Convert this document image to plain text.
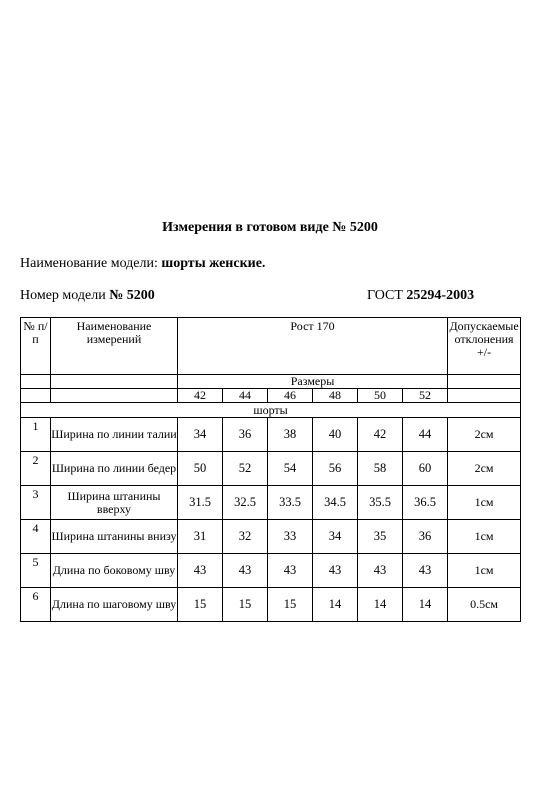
Измерения в готовом виде № 5200
Наименование модели: шорты женские.
Номер модели № 5200	ГОСТ 25294-2003
№ п/п	Наименование измерений	Рост 170						Допускаемые отклонения +/-
		Размеры						
		42	44	46	48	50	52	
шорты								
1	Ширина по линии талии	34	36	38	40	42	44	2см
2	Ширина по линии бедер	50	52	54	56	58	60	2см
3	Ширина штанины вверху	31.5	32.5	33.5	34.5	35.5	36.5	1см
4	Ширина штанины внизу	31	32	33	34	35	36	1см
5	Длина по боковому шву	43	43	43	43	43	43	1см
6	Длина по шаговому шву	15	15	15	14	14	14	0.5см
